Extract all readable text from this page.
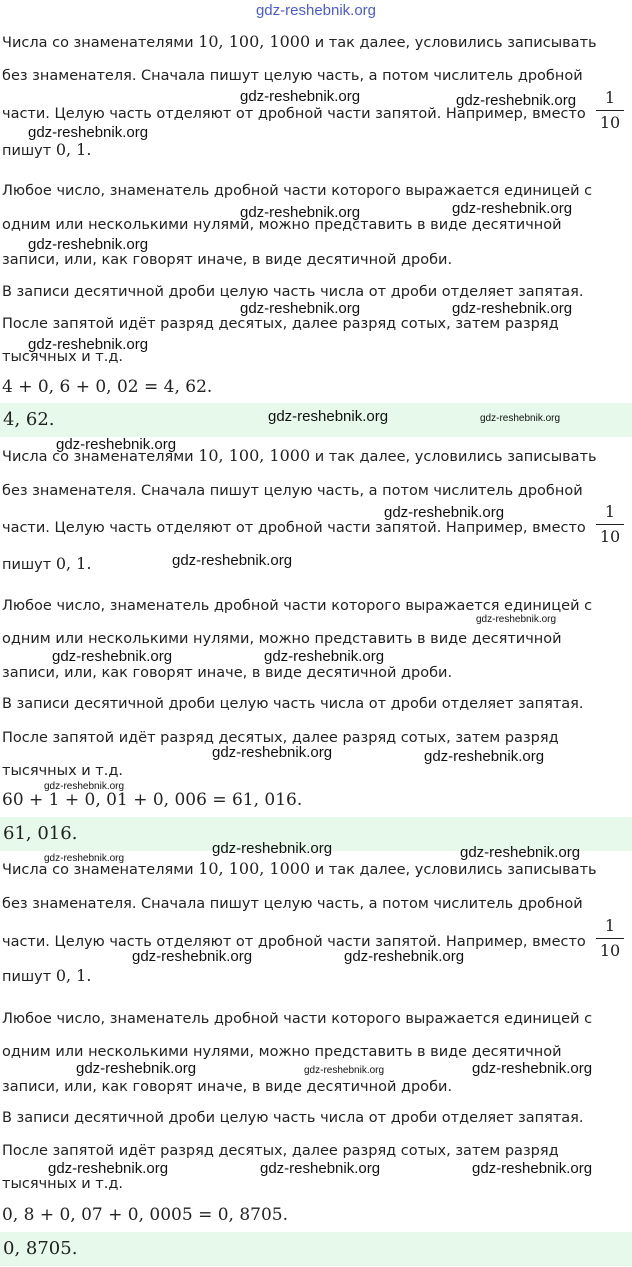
gdz-reshebnik.org

Числа со знаменателями 10, 100, 1000 и так далее, условились записывать

без знаменателя. Сначала пишут целую часть, а потом числитель дробной

части. Целую часть отделяют от дробной части запятой. Например, вместо

1
10

пишут 0, 1.

Любое число, знаменатель дробной части которого выражается единицей с

одним или несколькими нулями, можно представить в виде десятичной

записи, или, как говорят иначе, в виде десятичной дроби.

В записи десятичной дроби целую часть числа от дроби отделяет запятая.

После запятой идёт разряд десятых, далее разряд сотых, затем разряд

тысячных и т.д.

4 + 0, 6 + 0, 02 = 4, 62.
4, 62.

Числа со знаменателями 10, 100, 1000 и так далее, условились записывать

без знаменателя. Сначала пишут целую часть, а потом числитель дробной

части. Целую часть отделяют от дробной части запятой. Например, вместо

1
10

пишут 0, 1.

Любое число, знаменатель дробной части которого выражается единицей с

одним или несколькими нулями, можно представить в виде десятичной

записи, или, как говорят иначе, в виде десятичной дроби.

В записи десятичной дроби целую часть числа от дроби отделяет запятая.

После запятой идёт разряд десятых, далее разряд сотых, затем разряд

тысячных и т.д.

60 + 1 + 0, 01 + 0, 006 = 61, 016.
61, 016.

Числа со знаменателями 10, 100, 1000 и так далее, условились записывать

без знаменателя. Сначала пишут целую часть, а потом числитель дробной

части. Целую часть отделяют от дробной части запятой. Например, вместо

1
10

пишут 0, 1.

Любое число, знаменатель дробной части которого выражается единицей с

одним или несколькими нулями, можно представить в виде десятичной

записи, или, как говорят иначе, в виде десятичной дроби.

В записи десятичной дроби целую часть числа от дроби отделяет запятая.

После запятой идёт разряд десятых, далее разряд сотых, затем разряд

тысячных и т.д.

0, 8 + 0, 07 + 0, 0005 = 0, 8705.
0, 8705.
gdz-reshebnik.org	gdz-reshebnik.org
gdz-reshebnik.org
gdz-reshebnik.org	gdz-reshebnik.org
gdz-reshebnik.org
gdz-reshebnik.org	gdz-reshebnik.org
gdz-reshebnik.org
gdz-reshebnik.org	gdz-reshebnik.org
gdz-reshebnik.org
gdz-reshebnik.org
gdz-reshebnik.org
gdz-reshebnik.org
gdz-reshebnik.org	gdz-reshebnik.org
gdz-reshebnik.org	gdz-reshebnik.org
gdz-reshebnik.org
gdz-reshebnik.org	gdz-reshebnik.org
gdz-reshebnik.org
gdz-reshebnik.org	gdz-reshebnik.org
gdz-reshebnik.org	gdz-reshebnik.org	gdz-reshebnik.org
gdz-reshebnik.org	gdz-reshebnik.org	gdz-reshebnik.org
